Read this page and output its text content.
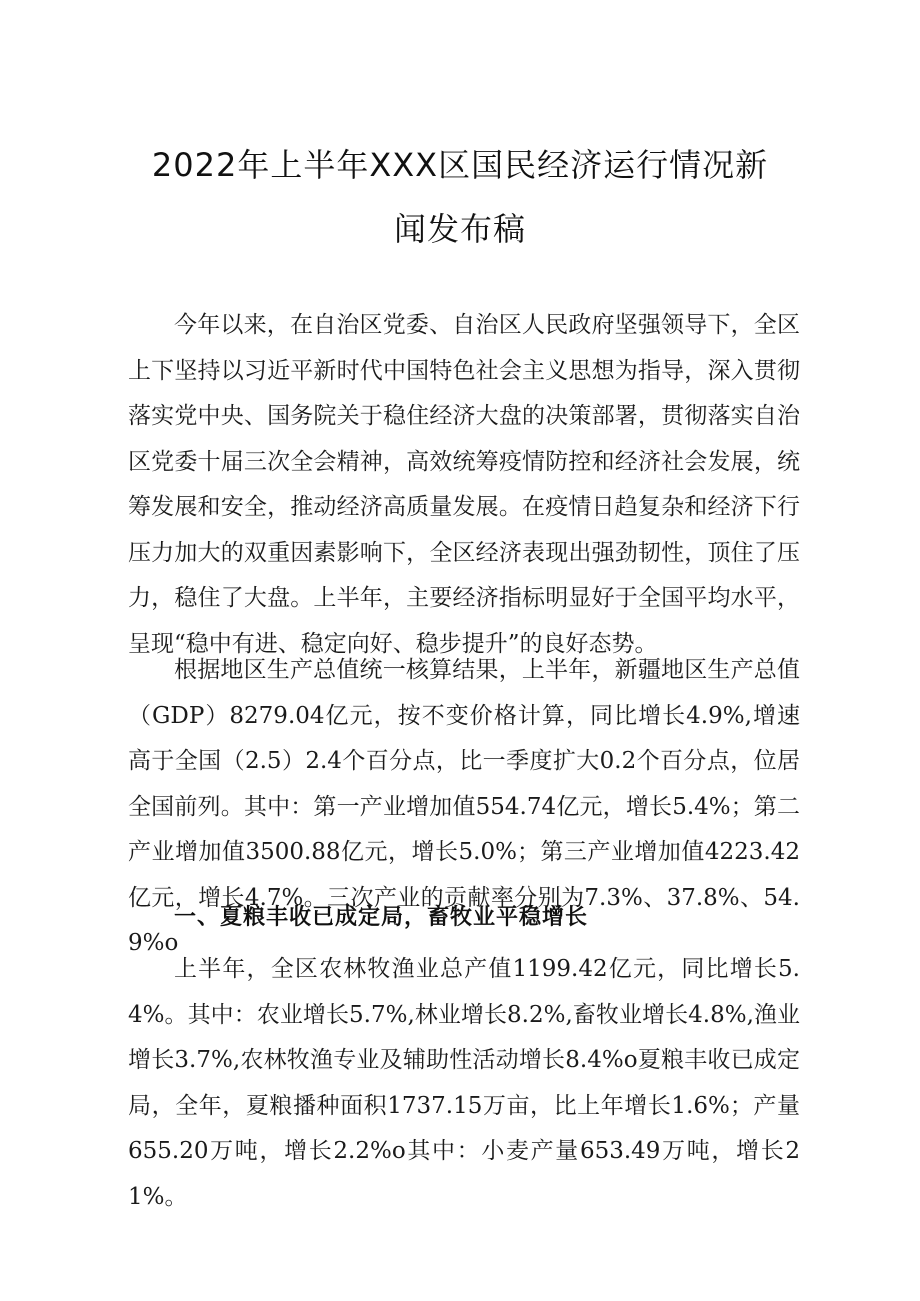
2022年上半年XXX区国民经济运行情况新
闻发布稿

今年以来，在自治区党委、自治区人民政府坚强领导下，全区上下坚持以习近平新时代中国特色社会主义思想为指导，深入贯彻落实党中央、国务院关于稳住经济大盘的决策部署，贯彻落实自治区党委十届三次全会精神，高效统筹疫情防控和经济社会发展，统筹发展和安全，推动经济高质量发展。在疫情日趋复杂和经济下行压力加大的双重因素影响下，全区经济表现出强劲韧性，顶住了压力，稳住了大盘。上半年，主要经济指标明显好于全国平均水平，呈现“稳中有进、稳定向好、稳步提升”的良好态势。

根据地区生产总值统一核算结果，上半年，新疆地区生产总值（GDP）8279.04亿元，按不变价格计算，同比增长4.9%,增速高于全国（2.5）2.4个百分点，比一季度扩大0.2个百分点，位居全国前列。其中：第一产业增加值554.74亿元，增长5.4%；第二产业增加值3500.88亿元，增长5.0%；第三产业增加值4223.42亿元，增长4.7%。三次产业的贡献率分别为7.3%、37.8%、54.9%o

一、夏粮丰收已成定局，畜牧业平稳增长

上半年，全区农林牧渔业总产值1199.42亿元，同比增长5.4%。其中：农业增长5.7%,林业增长8.2%,畜牧业增长4.8%,渔业增长3.7%,农林牧渔专业及辅助性活动增长8.4%o夏粮丰收已成定局，全年，夏粮播种面积1737.15万亩，比上年增长1.6%；产量655.20万吨，增长2.2%o其中：小麦产量653.49万吨，增长21%。
